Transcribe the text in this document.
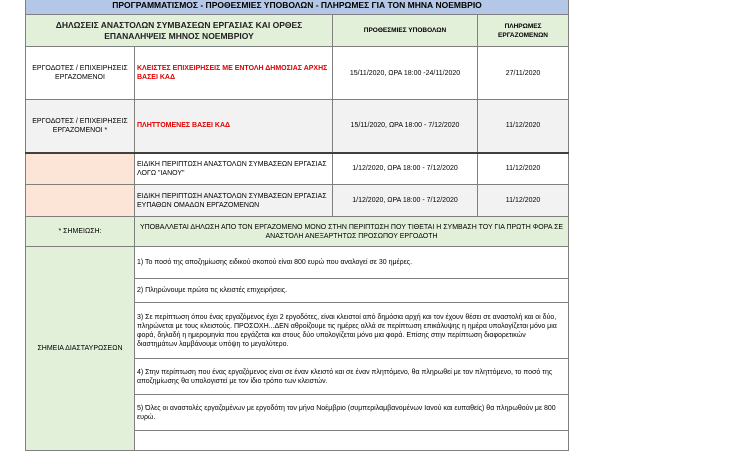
ΠΡΟΓΡΑΜΜΑΤΙΣΜΟΣ - ΠΡΟΘΕΣΜΙΕΣ ΥΠΟΒΟΛΩΝ - ΠΛΗΡΩΜΕΣ ΓΙΑ ΤΟΝ ΜΗΝΑ ΝΟΕΜΒΡΙΟ			
ΔΗΛΩΣΕΙΣ ΑΝΑΣΤΟΛΩΝ ΣΥΜΒΑΣΕΩΝ ΕΡΓΑΣΙΑΣ ΚΑΙ ΟΡΘΕΣ ΕΠΑΝΑΛΗΨΕΙΣ ΜΗΝΟΣ ΝΟΕΜΒΡΙΟΥ		ΠΡΟΘΕΣΜΙΕΣ ΥΠΟΒΟΛΩΝ	ΠΛΗΡΩΜΕΣ ΕΡΓΑΖΟΜΕΝΩΝ
ΕΡΓΟΔΟΤΕΣ / ΕΠΙΧΕΙΡΗΣΕΙΣ ΕΡΓΑΖΟΜΕΝΟΙ	ΚΛΕΙΣΤΕΣ ΕΠΙΧΕΙΡΗΣΕΙΣ ΜΕ ΕΝΤΟΛΗ ΔΗΜΟΣΙΑΣ ΑΡΧΗΣ ΒΑΣΕΙ ΚΑΔ	15/11/2020, ΩΡΑ 18:00 -24/11/2020	27/11/2020
ΕΡΓΟΔΟΤΕΣ / ΕΠΙΧΕΙΡΗΣΕΙΣ ΕΡΓΑΖΟΜΕΝΟΙ *	ΠΛΗΤΤΟΜΕΝΕΣ ΒΑΣΕΙ ΚΑΔ	15/11/2020, ΩΡΑ 18:00 - 7/12/2020	11/12/2020
	ΕΙΔΙΚΗ ΠΕΡΙΠΤΩΣΗ ΑΝΑΣΤΟΛΩΝ ΣΥΜΒΑΣΕΩΝ ΕΡΓΑΣΙΑΣ ΛΟΓΩ "ΙΑΝΟΥ"	1/12/2020, ΩΡΑ 18:00 - 7/12/2020	11/12/2020
	ΕΙΔΙΚΗ ΠΕΡΙΠΤΩΣΗ ΑΝΑΣΤΟΛΩΝ ΣΥΜΒΑΣΕΩΝ ΕΡΓΑΣΙΑΣ ΕΥΠΑΘΩΝ ΟΜΑΔΩΝ ΕΡΓΑΖΟΜΕΝΩΝ	1/12/2020, ΩΡΑ 18:00 - 7/12/2020	11/12/2020
* ΣΗΜΕΙΩΣΗ:	ΥΠΟΒΑΛΛΕΤΑΙ ΔΗΛΩΣΗ ΑΠΟ ΤΟΝ ΕΡΓΑΖΟΜΕΝΟ ΜΟΝΟ ΣΤΗΝ ΠΕΡΙΠΤΩΣΗ ΠΟΥ ΤΙΘΕΤΑΙ Η ΣΥΜΒΑΣΗ ΤΟΥ ΓΙΑ ΠΡΩΤΗ ΦΟΡΑ ΣΕ ΑΝΑΣΤΟΛΗ ΑΝΕΞΑΡΤΗΤΩΣ ΠΡΟΣΩΠΟΥ ΕΡΓΟΔΟΤΗ		
ΣΗΜΕΙΑ ΔΙΑΣΤΑΥΡΩΣΕΩΝ	1) Το ποσό της αποζημίωσης ειδικού σκοπού είναι 800 ευρώ που αναλογεί σε 30 ημέρες.		
	2) Πληρώνουμε πρώτα τις κλειστές επιχειρήσεις.		
	3) Σε περίπτωση όπου ένας εργαζόμενος έχει 2 εργοδότες, είναι κλειστοί από δημόσια αρχή και τον έχουν θέσει σε αναστολή και οι δύο, πληρώνεται με τους κλειστούς. ΠΡΟΣΟΧΗ...ΔΕΝ αθροίζουμε τις ημέρες αλλά σε περίπτωση επικάλυψης η ημέρα υπολογίζεται μόνο μια φορά, δηλαδή η ημερομηνία που εργάζεται και στους δύο υπολογίζεται μόνο μια φορά. Επίσης στην περίπτωση διαφορετικών διαστημάτων λαμβάνουμε υπόψη το μεγαλύτερο.		
	4) Στην περίπτωση που ένας εργαζόμενος είναι σε έναν κλειστό και σε έναν πληττόμενο, θα πληρωθεί με τον πληττόμενο, το ποσό της αποζημίωσης θα υπολογιστεί με τον ίδιο τρόπο των κλειστών.		
	5) Όλες οι αναστολές εργαζομένων με εργοδότη τον μήνα Νοέμβριο (συμπεριλαμβανομένων Ιανού και ευπαθείς) θα πληρωθούν με 800 ευρώ.		
